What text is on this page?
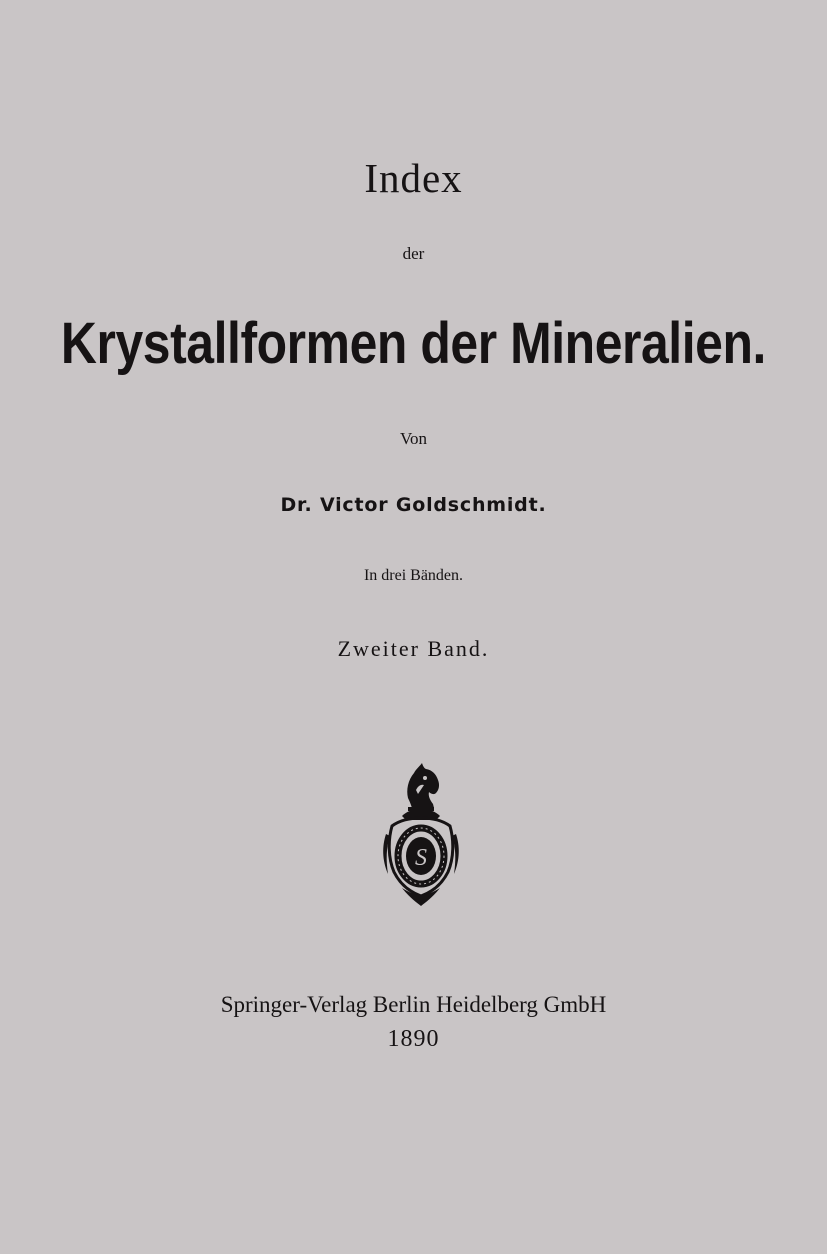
Index
der
Krystallformen der Mineralien.
Von
Dr. Victor Goldschmidt.
In drei Bänden.
Zweiter Band.
S
Springer-Verlag Berlin Heidelberg GmbH
1890
